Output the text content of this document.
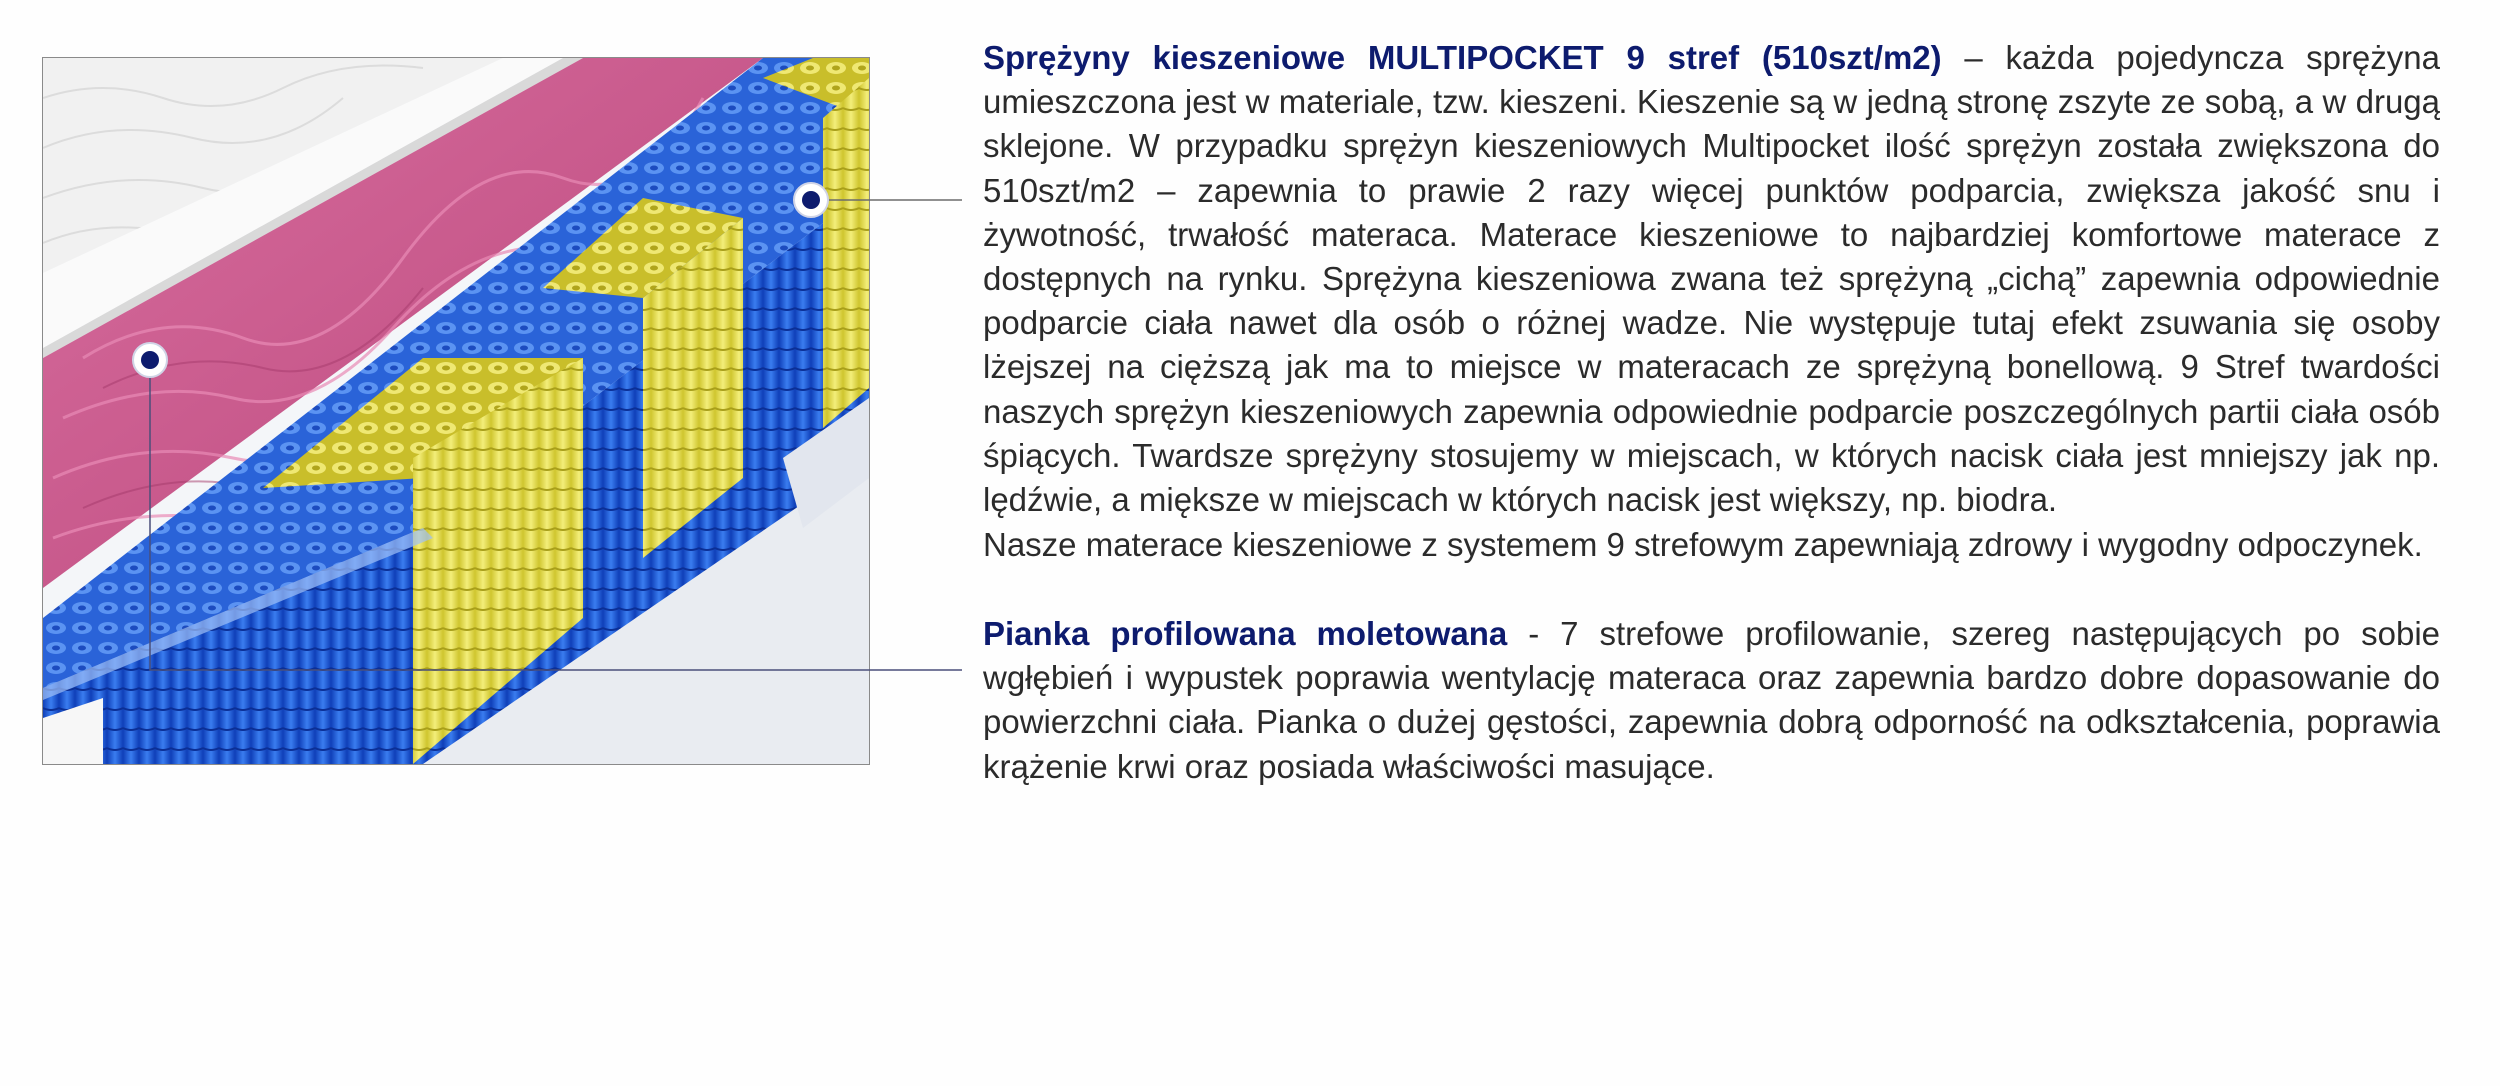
Sprężyny kieszeniowe MULTIPOCKET 9 stref (510szt/m2) – każda pojedyncza sprężyna umieszczona jest w materiale, tzw. kieszeni. Kieszenie są w jedną stronę zszyte ze sobą, a w drugą sklejone. W przypadku sprężyn kieszeniowych Multipocket ilość sprężyn została zwiększona do 510szt/m2 – zapewnia to prawie 2 razy więcej punktów podparcia, zwiększa jakość snu i żywotność, trwałość materaca. Materace kieszeniowe to najbardziej komfortowe materace z dostępnych na rynku. Sprężyna kieszeniowa zwana też sprężyną „cichą” zapewnia odpowiednie podparcie ciała nawet dla osób o różnej wadze. Nie występuje tutaj efekt zsuwania się osoby lżejszej na cięższą jak ma to miejsce w materacach ze sprężyną bonellową. 9 Stref twardości naszych sprężyn kieszeniowych zapewnia odpowiednie podparcie poszczególnych partii ciała osób śpiących. Twardsze sprężyny stosujemy w miejscach, w których nacisk ciała jest mniejszy jak np. lędźwie, a miększe w miejscach w których nacisk jest większy, np. biodra.

Nasze materace kieszeniowe z systemem 9 strefowym zapewniają zdrowy i wygodny odpoczynek.

Pianka profilowana moletowana - 7 strefowe profilowanie, szereg następujących po sobie wgłębień i wypustek poprawia wentylację materaca oraz zapewnia bardzo dobre dopasowanie do powierzchni ciała. Pianka o dużej gęstości, zapewnia dobrą odporność na odkształcenia, poprawia krążenie krwi oraz posiada właściwości masujące.
